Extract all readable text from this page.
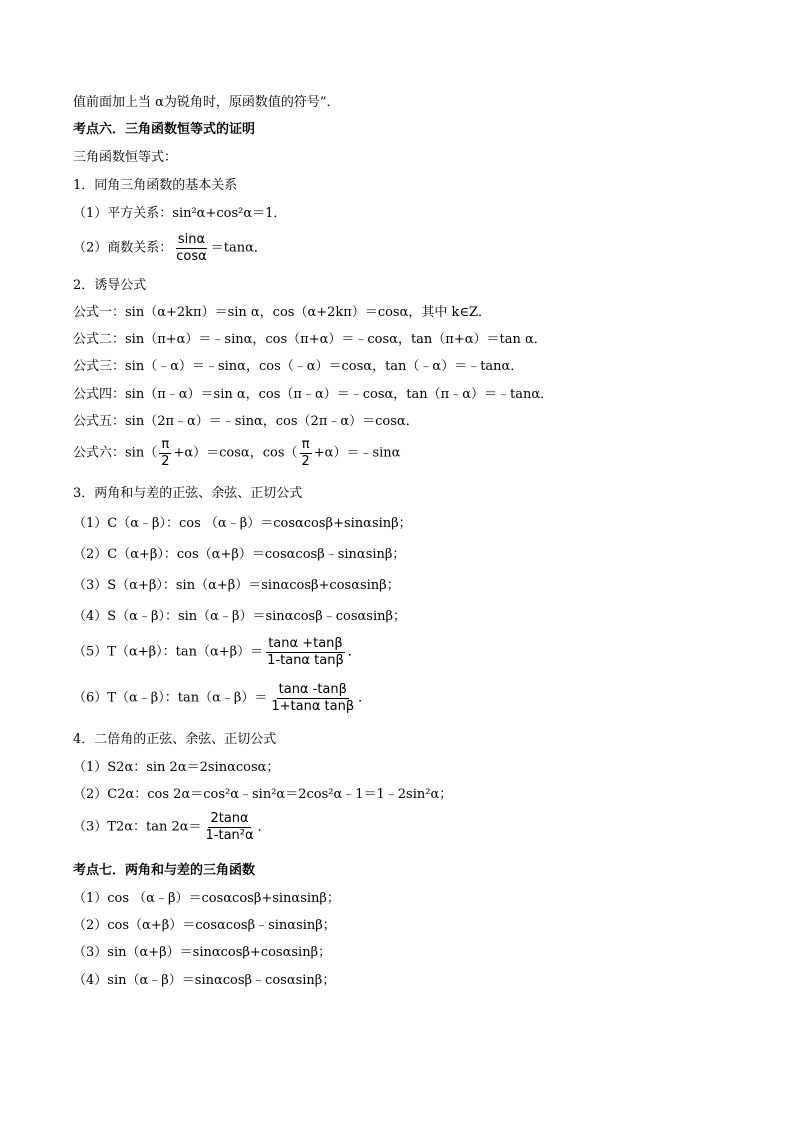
值前面加上当 α为锐角时，原函数值的符号”．
考点六．三角函数恒等式的证明
三角函数恒等式：
1．同角三角函数的基本关系
（1）平方关系：sin²α+cos²α＝1．
（2）商数关系： $\frac{\sin\alpha}{\cos\alpha} =\tan\alpha$．
2．诱导公式
公式一：sin（α+2kπ）＝sin α，cos（α+2kπ）＝cosα，其中 k∈Z．
公式二：sin（π+α）＝﹣sinα，cos（π+α）＝﹣cosα，tan（π+α）＝tan α．
公式三：sin（﹣α）＝﹣sinα，cos（﹣α）＝cosα，tan（﹣α）＝﹣tanα．
公式四：sin（π﹣α）＝sin α，cos（π﹣α）＝﹣cosα，tan（π﹣α）＝﹣tanα．
公式五：sin（2π﹣α）＝﹣sinα，cos（2π﹣α）＝cosα．
公式六：$\sin( \frac{\pi}{2} +\alpha)=\cos\alpha$，$\cos( \frac{\pi}{2}$ +α）＝﹣sinα
3．两角和与差的正弦、余弦、正切公式
（1）C（α﹣β）：cos （α﹣β）＝cosαcosβ+sinαsinβ；
（2）C（α+β）：cos（α+β）＝cosαcosβ﹣sinαsinβ；
（3）S（α+β）：sin（α+β）＝sinαcosβ+cosαsinβ；
（4）S（α﹣β）：sin（α﹣β）＝sinαcosβ﹣cosαsinβ；
（5）T（α+β）：$\tan(\alpha+\beta)= \frac{\tan\alpha +\tan\beta}{\text{1-tanα tanβ}}$ ．
（6）T（α﹣β）：tan（α﹣β）＝ $\frac{\tan\alpha -\tan\beta}{\text{1+tanα tanβ}}$ ．
4．二倍角的正弦、余弦、正切公式
（1）S2α：sin 2α＝2sinαcosα；
（2）C2α：cos 2α＝cos²α﹣sin²α＝2cos²α﹣1＝1﹣2sin²α；
（3）T2α：$\tan 2\alpha= \frac{2\tan\alpha}{\text{1-tan²α}}$ ．
考点七．两角和与差的三角函数
（1）cos （α﹣β）＝cosαcosβ+sinαsinβ；
（2）cos（α+β）＝cosαcosβ﹣sinαsinβ；
（3）sin（α+β）＝sinαcosβ+cosαsinβ；
（4）sin（α﹣β）＝sinαcosβ﹣cosαsinβ；
